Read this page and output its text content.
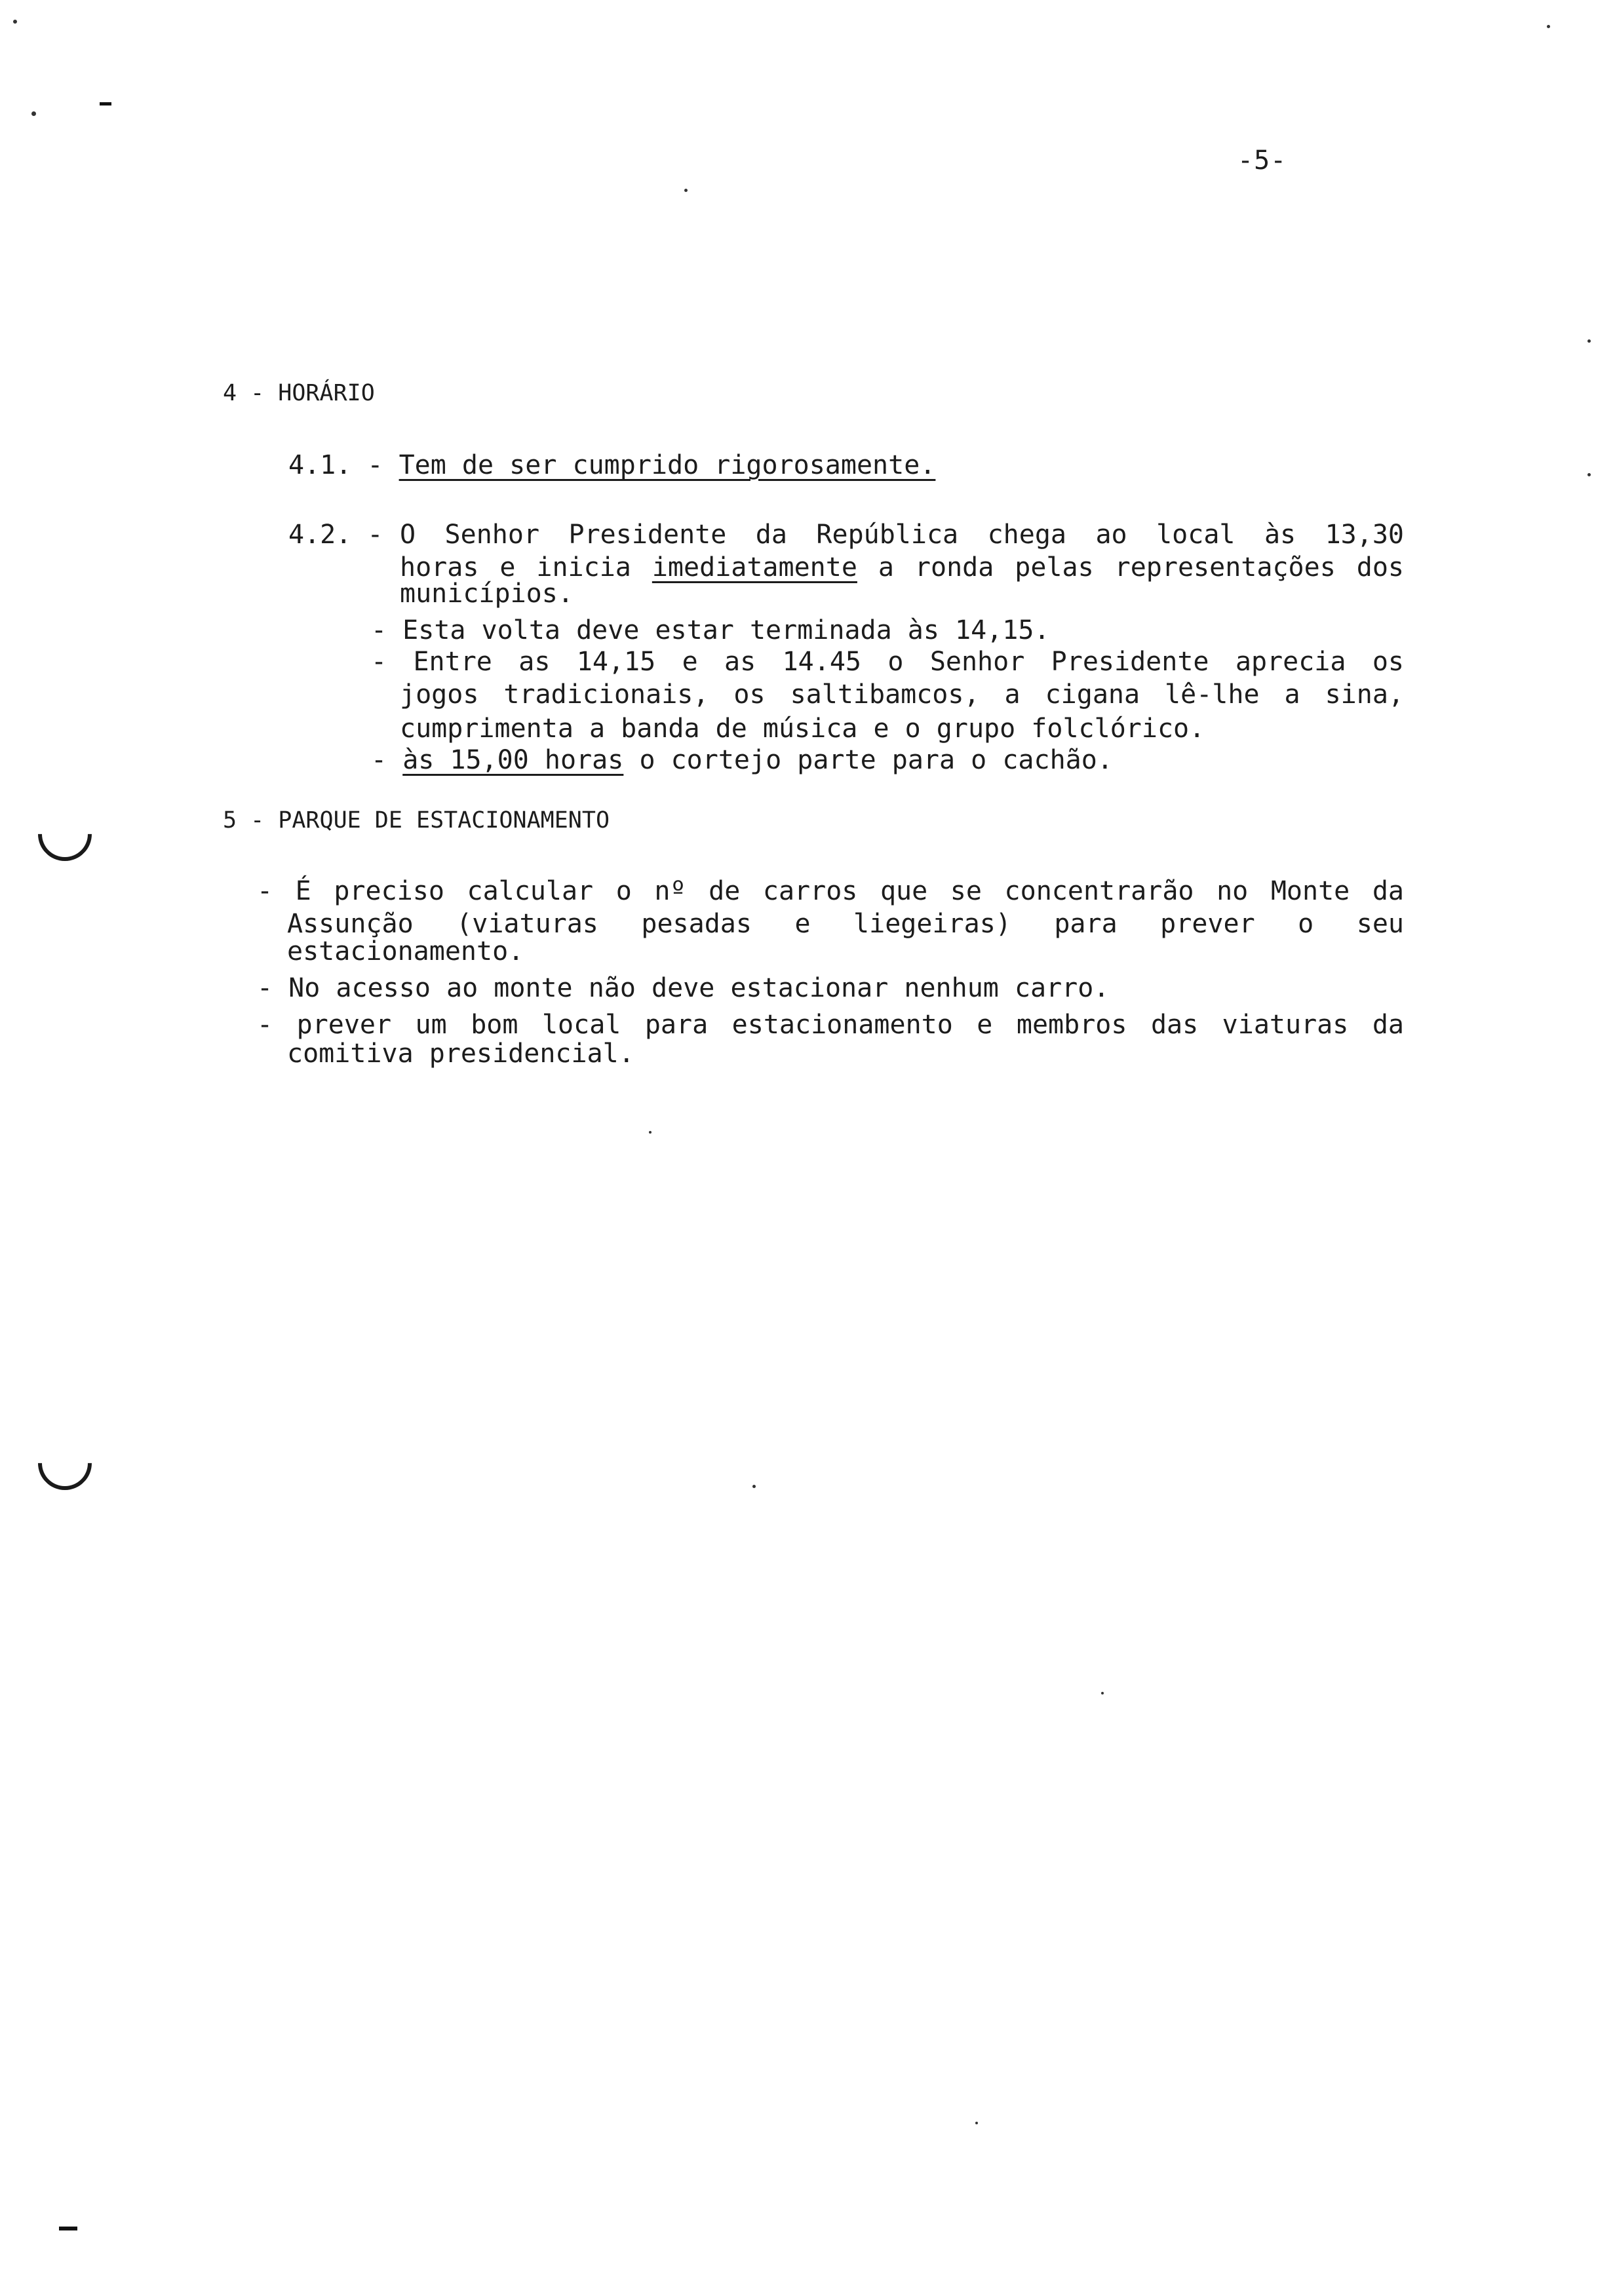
-5-
4 - HORÁRIO
4.1. - Tem de ser cumprido rigorosamente.
4.2. - O Senhor Presidente da República chega ao local às 13,30
horas e inicia imediatamente a ronda pelas representações dos
municípios.
- Esta volta deve estar terminada às 14,15.
- Entre as 14,15 e as 14.45 o Senhor Presidente aprecia os
jogos tradicionais, os saltibamcos, a cigana lê-lhe a sina,
cumprimenta a banda de música e o grupo folclórico.
- às 15,00 horas o cortejo parte para o cachão.
5 - PARQUE DE ESTACIONAMENTO
- É preciso calcular o nº de carros que se concentrarão no Monte da
Assunção (viaturas pesadas e liegeiras) para prever o seu
estacionamento.
- No acesso ao monte não deve estacionar nenhum carro.
- prever um bom local para estacionamento e membros das viaturas da
comitiva presidencial.
